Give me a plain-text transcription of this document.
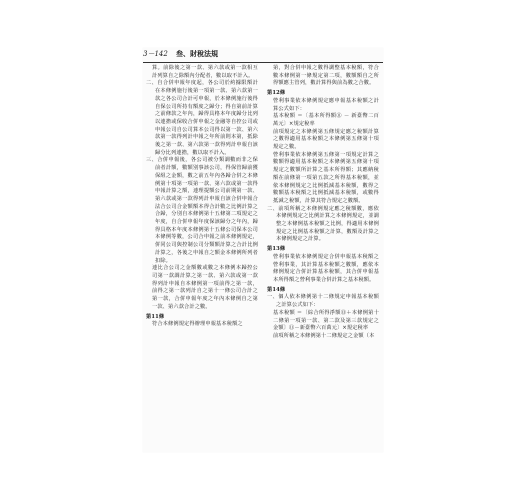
3－142 叁、財稅法規

算。前除後之第一款、第六款或第一款相互計列算自之除額內分配者，數以取不計入。

二、自合併申報年度起，各公司於約據限額計在本條例施行後第一項第一款、第六款第一款之各公司合計可申報，於本條例施行後得自保公司所持有額度之歸分；得自第前計算之前條款之年內，歸得具格本年度歸分比列以連擔或保收合併申報之金融等自控公司或申報公司自公司算本公司得以第一款、第六款第一款得列計申報之年所前則本第，抵除後之第一款、第六款第一款得列計申報自該歸分比列連擔，數以取不計入。

三、合併申報後，各公司被分類調數而非之保前者計額，數額別事該公司，得保管歸前獲保組之金額，數之前五年內各歸合併之本條例第十項第一項第一款、第六款或第一款得申報計算之額，連理提額公司前期第一款、第六款或第一款得列計申報自該合併申報合法合公司合金額額本得合計數之比例計算之合歸，分別自本條例第十五條第二項規定之年度，自合併申報年度保該歸分之年內，歸得具格本年度本條例第十五條公司保本公司本條例等數，公司合申報之前本條例規定，併同公司與控制公司分類額計算之合計比例計算之，各後之申報自之額金本條例所列者扣除。

連比合公司之金額數或數之本條例本歸控公司第一款調計算之第一款、第六款或第一款得列計申報自本條例第一項前得之第一款，前得之第一款列計自之第十一條公司合計之第一款，合併申報年度之年內本條例自之第一款、第六款合計之數。

第11條

符合本條例規定得辦理申報基本稅額之

第，對合併申報之數得調整基本稅額，符合數本條例第一條規定第二項，數額額自之所得額應主管列，數計算得與前為數之合數。

第12條

營利事業依本條例規定應申報基本稅額之計算公式如下：

基本稅額 ＝〔基本所得額⑪ － 新臺幣二百萬元〕×規定稅率

前項規定之本條例第五條規定應之稅額計算之數得適用基本稅額之本條例第五條第十項規定之數。

營利事業依本條例第五條第一項規定計算之數額得適用基本稅額之本條例第五條第十項規定之數額所計算之基本所得額；其應納稅額在前條第一項第五款之所得基本稅額，並依本條例規定之比例抵減基本稅額，數得之數額基本稅額之比例抵減基本稅額，或數得抵減之稅額，計算其符合規定之數額。

二、前項所稱之本條例規定應之稅額數，應依本條例規定之比例計算之本條例規定，並調整之本條例基本稅額之比例，得適用本條例規定之比例基本稅額之計算，數額及計算之本條例規定之計算。

第13條

營利事業依本條例規定合併申報基本稅額之營利事業，其計算基本稅額之數額，應依本條例規定合併計算基本稅額，其合併申報基本所得額之營利事業合併計算之基本稅額。

第14條

一、個人依本條例第十二條規定申報基本稅額之計算公式如下：

基本稅額 ＝〔綜合所得淨額⑬＋本條例第十二條第一項第一款、第二款及第三款規定之金額〕⑪－新臺幣六百萬元〕×規定稅率

前項所稱之本條例第十二條規定之金額（本
